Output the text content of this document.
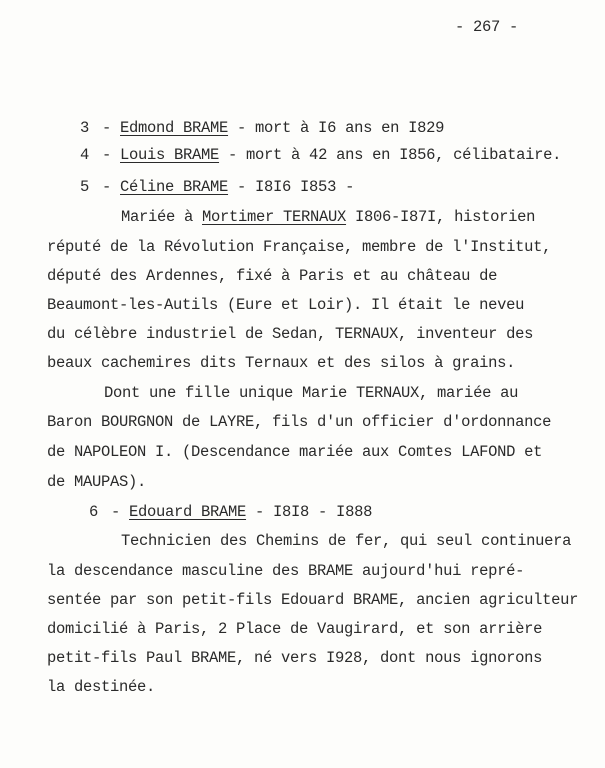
- 267 -
3 - Edmond BRAME - mort à I6 ans en I829
4 - Louis BRAME - mort à 42 ans en I856, célibataire.
5 - Céline BRAME - I8I6 I853 -
Mariée à Mortimer TERNAUX I806-I87I, historien
réputé de la Révolution Française, membre de l'Institut,
député des Ardennes, fixé à Paris et au château de
Beaumont-les-Autils (Eure et Loir). Il était le neveu
du célèbre industriel de Sedan, TERNAUX, inventeur des
beaux cachemires dits Ternaux et des silos à grains.
Dont une fille unique Marie TERNAUX, mariée au
Baron BOURGNON de LAYRE, fils d'un officier d'ordonnance
de NAPOLEON I. (Descendance mariée aux Comtes LAFOND et
de MAUPAS).
6 - Edouard BRAME - I8I8 - I888
Technicien des Chemins de fer, qui seul continuera
la descendance masculine des BRAME aujourd'hui repré-
sentée par son petit-fils Edouard BRAME, ancien agriculteur
domicilié à Paris, 2 Place de Vaugirard, et son arrière
petit-fils Paul BRAME, né vers I928, dont nous ignorons
la destinée.
